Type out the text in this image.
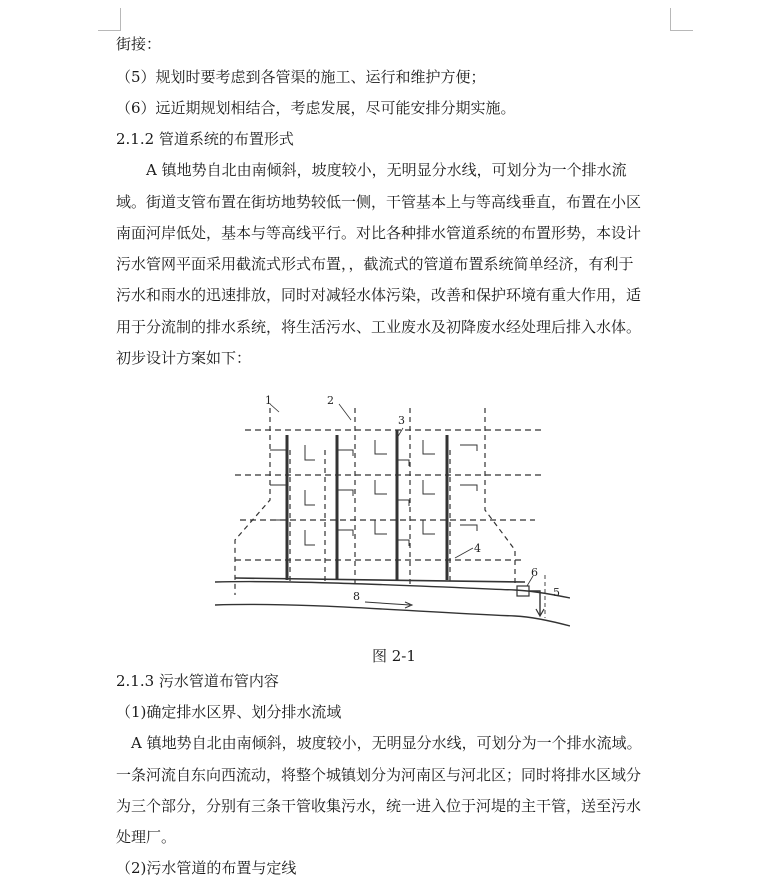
街接：
（5）规划时要考虑到各管渠的施工、运行和维护方便；
（6）远近期规划相结合，考虑发展，尽可能安排分期实施。
2.1.2 管道系统的布置形式
　　A 镇地势自北由南倾斜，坡度较小，无明显分水线，可划分为一个排水流
域。街道支管布置在街坊地势较低一侧，干管基本上与等高线垂直，布置在小区
南面河岸低处，基本与等高线平行。对比各种排水管道系统的布置形势，本设计
污水管网平面采用截流式形式布置，，截流式的管道布置系统简单经济，有利于
污水和雨水的迅速排放，同时对减轻水体污染，改善和保护环境有重大作用，适
用于分流制的排水系统，将生活污水、工业废水及初降废水经处理后排入水体。
初步设计方案如下：
1	2
3
4
5
6
8
图 2-1
2.1.3 污水管道布管内容
（1)确定排水区界、划分排水流域
　A 镇地势自北由南倾斜，坡度较小，无明显分水线，可划分为一个排水流域。
一条河流自东向西流动，将整个城镇划分为河南区与河北区；同时将排水区域分
为三个部分，分别有三条干管收集污水，统一进入位于河堤的主干管，送至污水
处理厂。
（2)污水管道的布置与定线
